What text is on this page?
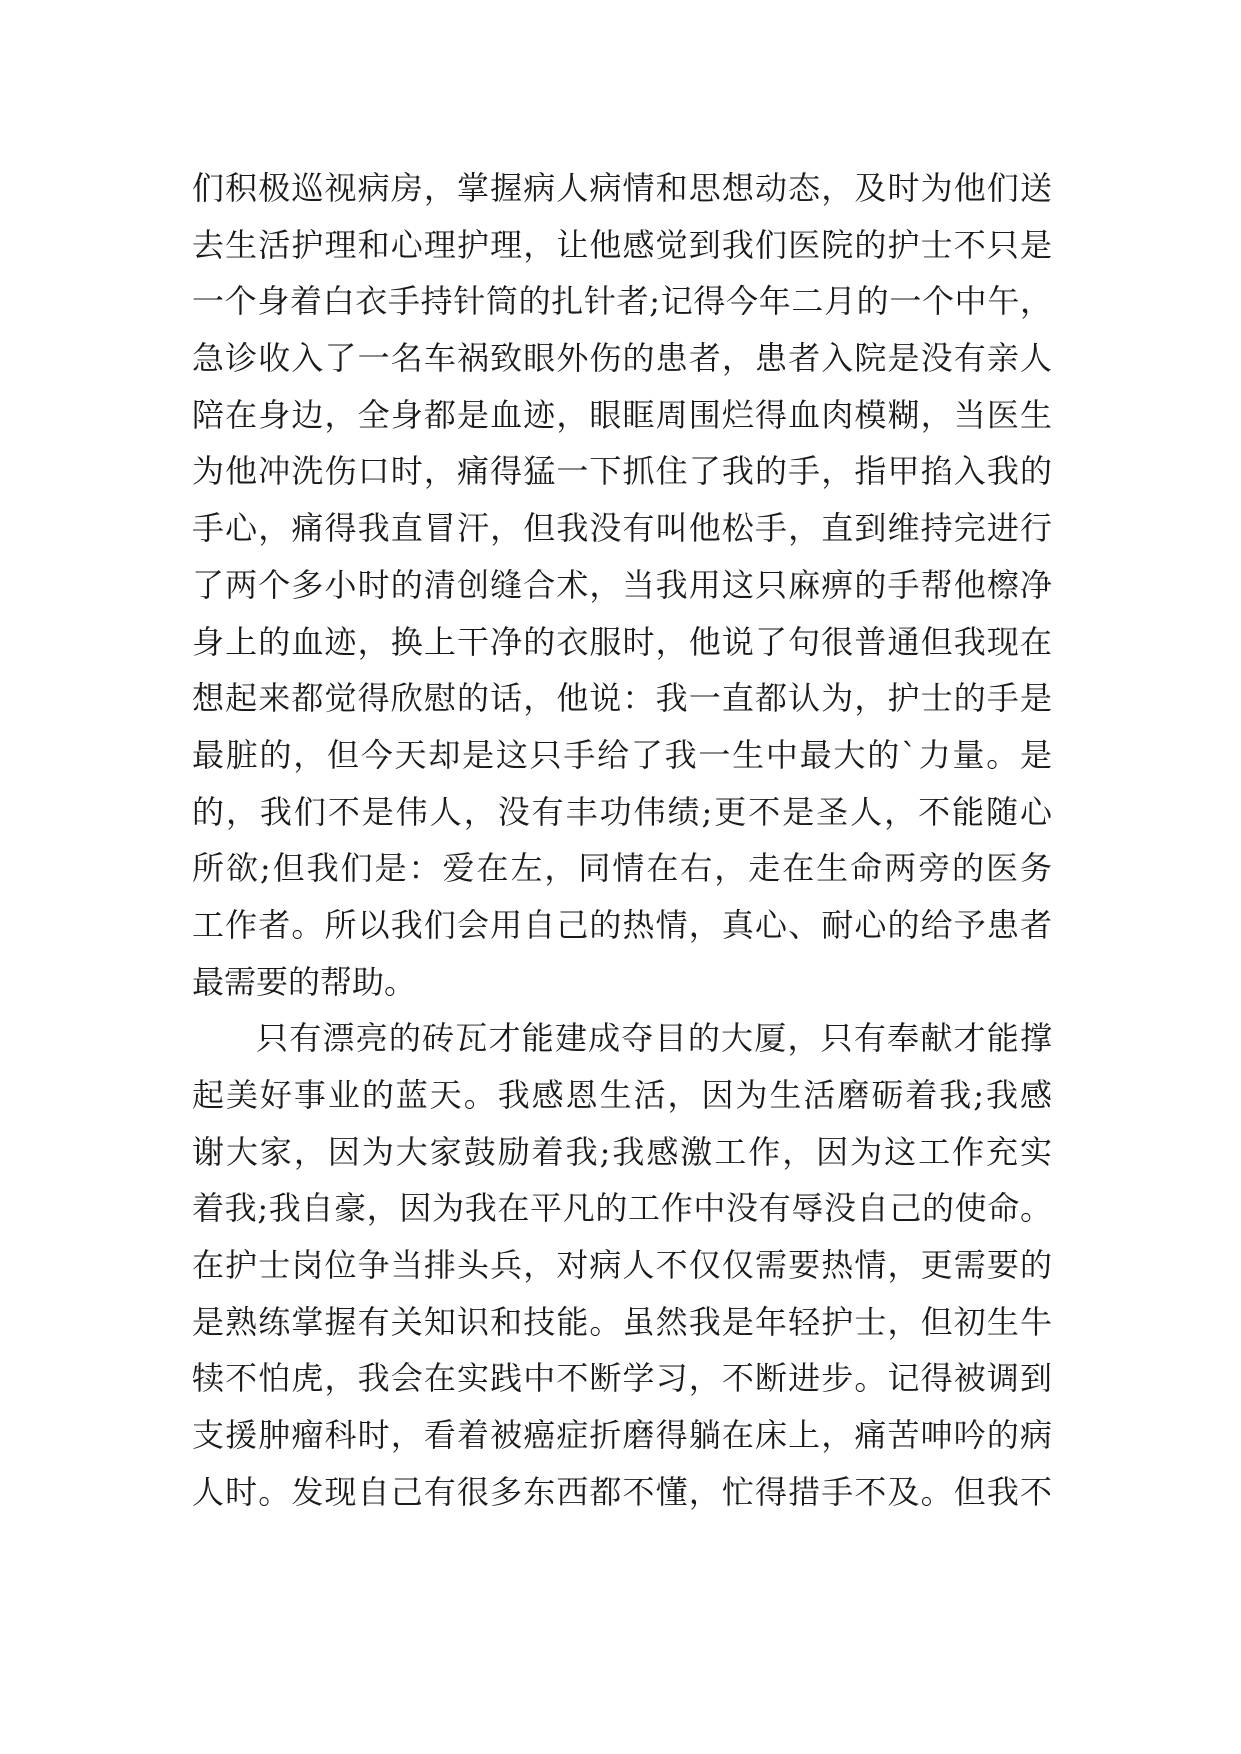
们积极巡视病房，掌握病人病情和思想动态，及时为他们送
去生活护理和心理护理，让他感觉到我们医院的护士不只是
一个身着白衣手持针筒的扎针者;记得今年二月的一个中午，
急诊收入了一名车祸致眼外伤的患者，患者入院是没有亲人
陪在身边，全身都是血迹，眼眶周围烂得血肉模糊，当医生
为他冲洗伤口时，痛得猛一下抓住了我的手，指甲掐入我的
手心，痛得我直冒汗，但我没有叫他松手，直到维持完进行
了两个多小时的清创缝合术，当我用这只麻痹的手帮他檫净
身上的血迹，换上干净的衣服时，他说了句很普通但我现在
想起来都觉得欣慰的话，他说：我一直都认为，护士的手是
最脏的，但今天却是这只手给了我一生中最大的`力量。是
的，我们不是伟人，没有丰功伟绩;更不是圣人，不能随心
所欲;但我们是：爱在左，同情在右，走在生命两旁的医务
工作者。所以我们会用自己的热情，真心、耐心的给予患者
最需要的帮助。
只有漂亮的砖瓦才能建成夺目的大厦，只有奉献才能撑
起美好事业的蓝天。我感恩生活，因为生活磨砺着我;我感
谢大家，因为大家鼓励着我;我感激工作，因为这工作充实
着我;我自豪，因为我在平凡的工作中没有辱没自己的使命。
在护士岗位争当排头兵，对病人不仅仅需要热情，更需要的
是熟练掌握有关知识和技能。虽然我是年轻护士，但初生牛
犊不怕虎，我会在实践中不断学习，不断进步。记得被调到
支援肿瘤科时，看着被癌症折磨得躺在床上，痛苦呻吟的病
人时。发现自己有很多东西都不懂，忙得措手不及。但我不
